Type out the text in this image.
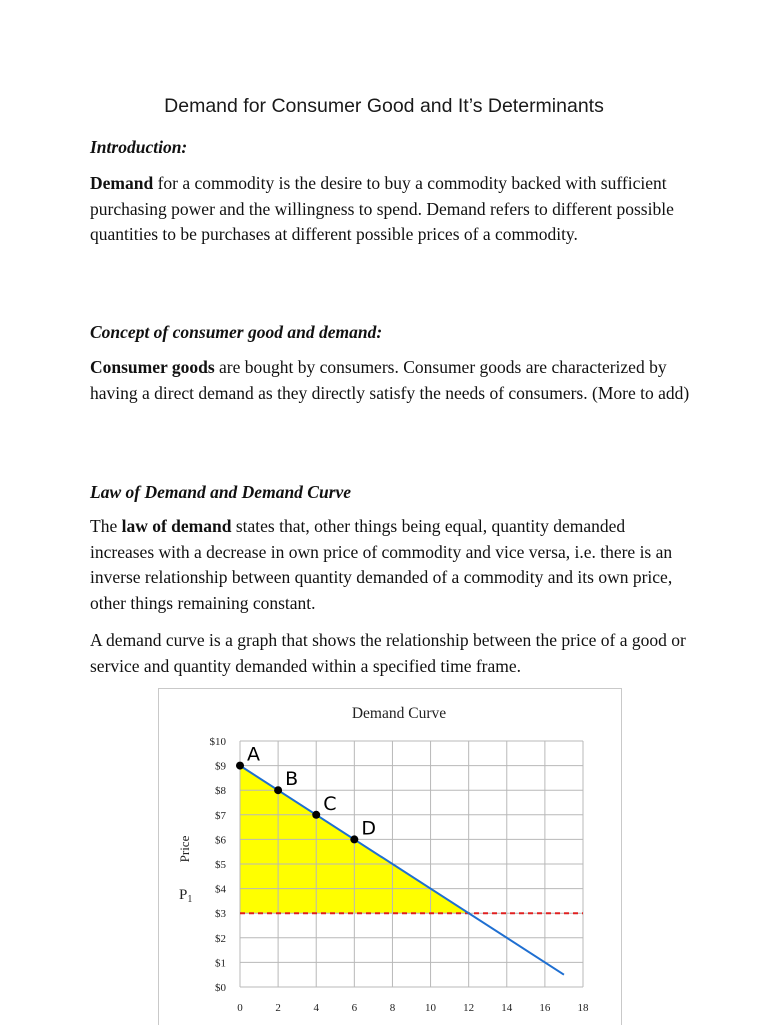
Demand for Consumer Good and It’s Determinants
Introduction:
Demand for a commodity is the desire to buy a commodity backed with sufficient purchasing power and the willingness to spend. Demand refers to different possible quantities to be purchases at different possible prices of a commodity.
Concept of consumer good and demand:
Consumer goods are bought by consumers. Consumer goods are characterized by having a direct demand as they directly satisfy the needs of consumers. (More to add)
Law of Demand and Demand Curve
The law of demand states that, other things being equal, quantity demanded increases with a decrease in own price of commodity and vice versa, i.e. there is an inverse relationship between quantity demanded of a commodity and its own price, other things remaining constant.
A demand curve is a graph that shows the relationship between the price of a good or service and quantity demanded within a specified time frame.
Demand Curve
$0
$1
$2
$3
$4
$5
$6
$7
$8
$9
$10
0	2	4	6	8	10 12 14 16 18
Price
$P_1$
A
B
C
D
